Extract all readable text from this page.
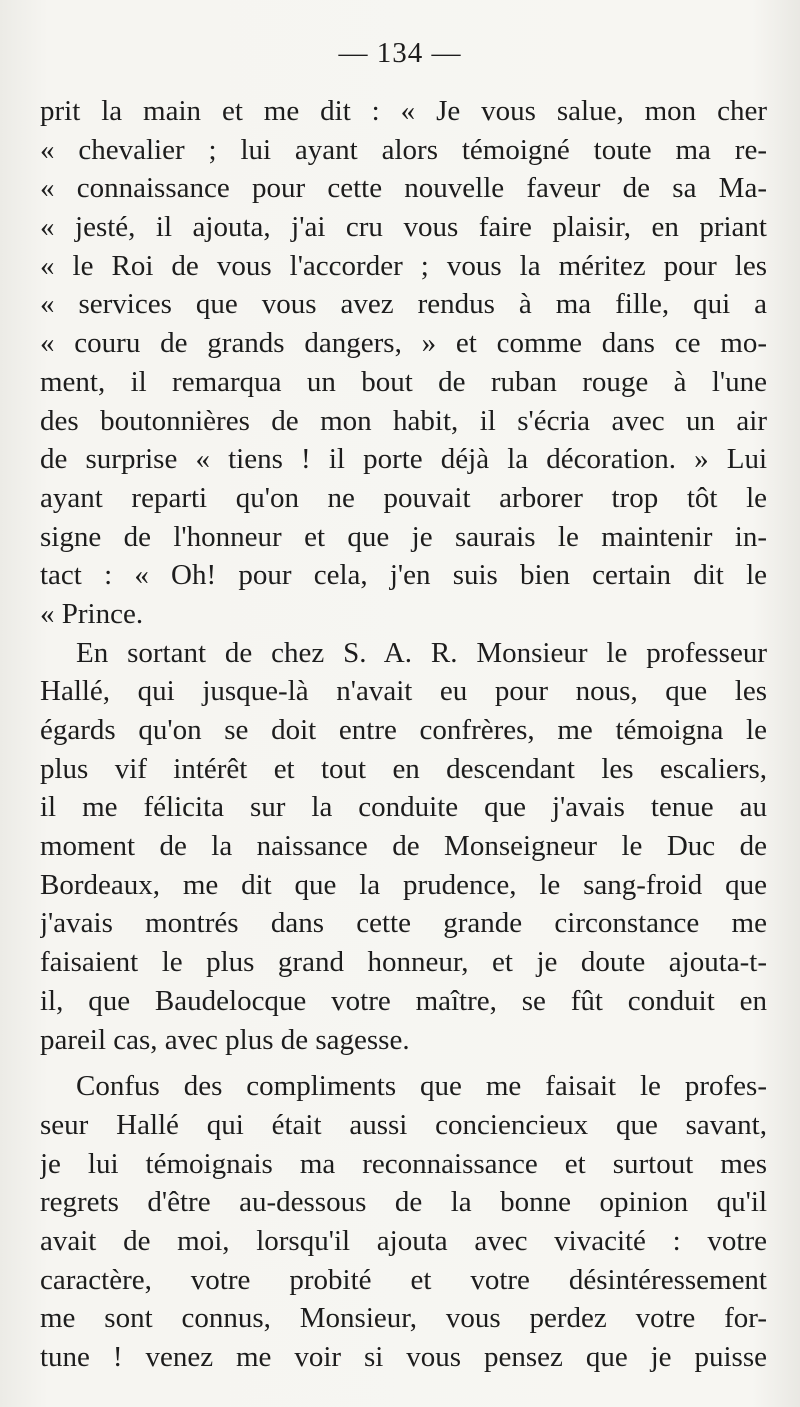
— 134 —
prit la main et me dit : « Je vous salue, mon cher
« chevalier ; lui ayant alors témoigné toute ma re-
« connaissance pour cette nouvelle faveur de sa Ma-
« jesté, il ajouta, j'ai cru vous faire plaisir, en priant
« le Roi de vous l'accorder ; vous la méritez pour les
« services que vous avez rendus à ma fille, qui a
« couru de grands dangers, » et comme dans ce mo-
ment, il remarqua un bout de ruban rouge à l'une
des boutonnières de mon habit, il s'écria avec un air
de surprise « tiens ! il porte déjà la décoration. » Lui
ayant reparti qu'on ne pouvait arborer trop tôt le
signe de l'honneur et que je saurais le maintenir in-
tact : « Oh! pour cela, j'en suis bien certain dit le
« Prince.
En sortant de chez S. A. R. Monsieur le professeur
Hallé, qui jusque-là n'avait eu pour nous, que les
égards qu'on se doit entre confrères, me témoigna le
plus vif intérêt et tout en descendant les escaliers,
il me félicita sur la conduite que j'avais tenue au
moment de la naissance de Monseigneur le Duc de
Bordeaux, me dit que la prudence, le sang-froid que
j'avais montrés dans cette grande circonstance me
faisaient le plus grand honneur, et je doute ajouta-t-
il, que Baudelocque votre maître, se fût conduit en
pareil cas, avec plus de sagesse.
Confus des compliments que me faisait le profes-
seur Hallé qui était aussi conciencieux que savant,
je lui témoignais ma reconnaissance et surtout mes
regrets d'être au-dessous de la bonne opinion qu'il
avait de moi, lorsqu'il ajouta avec vivacité : votre
caractère, votre probité et votre désintéressement
me sont connus, Monsieur, vous perdez votre for-
tune ! venez me voir si vous pensez que je puisse
